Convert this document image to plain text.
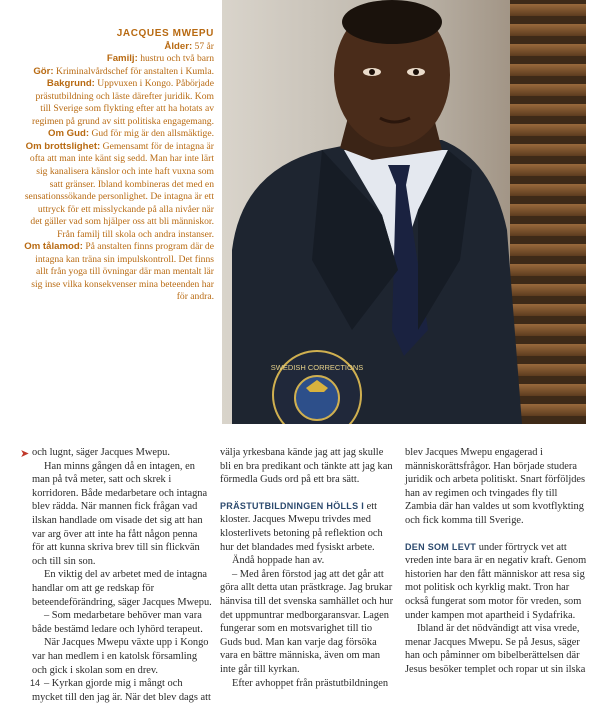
JACQUES MWEPU

Ålder: 57 år

Familj: hustru och två barn

Gör: Kriminalvårdschef för anstalten i Kumla.

Bakgrund: Uppvuxen i Kongo. Påbörjade prästutbildning och läste därefter juridik. Kom till Sverige som flykting efter att ha hotats av regimen på grund av sitt politiska engagemang.

Om Gud: Gud för mig är den allsmäktige.

Om brottslighet: Gemensamt för de intagna är ofta att man inte känt sig sedd. Man har inte lärt sig kanalisera känslor och inte haft vuxna som satt gränser. Ibland kombineras det med en sensationssökande personlighet. De intagna är ett uttryck för ett misslyckande på alla nivåer när det gäller vad som hjälper oss att bli människor. Från familj till skola och andra instanser.

Om tålamod: På anstalten finns program där de intagna kan träna sin impulskontroll. Det finns allt från yoga till övningar där man mentalt lär sig inse vilka konsekvenser mina beteenden har för andra.

SWEDISH CORRECTIONS
➤ och lugnt, säger Jacques Mwepu.

Han minns gången då en intagen, en man på två meter, satt och skrek i korridoren. Både medarbetare och intagna blev rädda. När mannen fick frågan vad ilskan handlade om visade det sig att han var arg över att inte ha fått någon penna för att kunna skriva brev till sin flickvän och till sin son.

En viktig del av arbetet med de intagna handlar om att ge redskap för beteendeförändring, säger Jacques Mwepu.

– Som medarbetare behöver man vara både bestämd ledare och lyhörd terapeut.

När Jacques Mwepu växte upp i Kongo var han medlem i en katolsk församling och gick i skolan som en drev.

– Kyrkan gjorde mig i mångt och mycket till den jag är. När det blev dags att

välja yrkesbana kände jag att jag skulle bli en bra predikant och tänkte att jag kan förmedla Guds ord på ett bra sätt.

PRÄSTUTBILDNINGEN HÖLLS I ett kloster. Jacques Mwepu trivdes med klosterlivets betoning på reflektion och hur det blandades med fysiskt arbete.

Ändå hoppade han av.

– Med åren förstod jag att det går att göra allt detta utan prästkrage. Jag brukar hänvisa till det svenska samhället och hur det uppmuntrar medborgaransvar. Lagen fungerar som en motsvarighet till tio Guds bud. Man kan varje dag försöka vara en bättre människa, även om man inte går till kyrkan.

Efter avhoppet från prästutbildningen

blev Jacques Mwepu engagerad i människorättsfrågor. Han började studera juridik och arbeta politiskt. Snart förföljdes han av regimen och tvingades fly till Zambia där han valdes ut som kvotflykting och fick komma till Sverige.

DEN SOM LEVT under förtryck vet att vreden inte bara är en negativ kraft. Genom historien har den fått människor att resa sig mot politisk och kyrklig makt. Tron har också fungerat som motor för vreden, som under kampen mot apartheid i Sydafrika.

Ibland är det nödvändigt att visa vrede, menar Jacques Mwepu. Se på Jesus, säger han och påminner om bibelberättelsen där Jesus besöker templet och ropar ut sin ilska

14
